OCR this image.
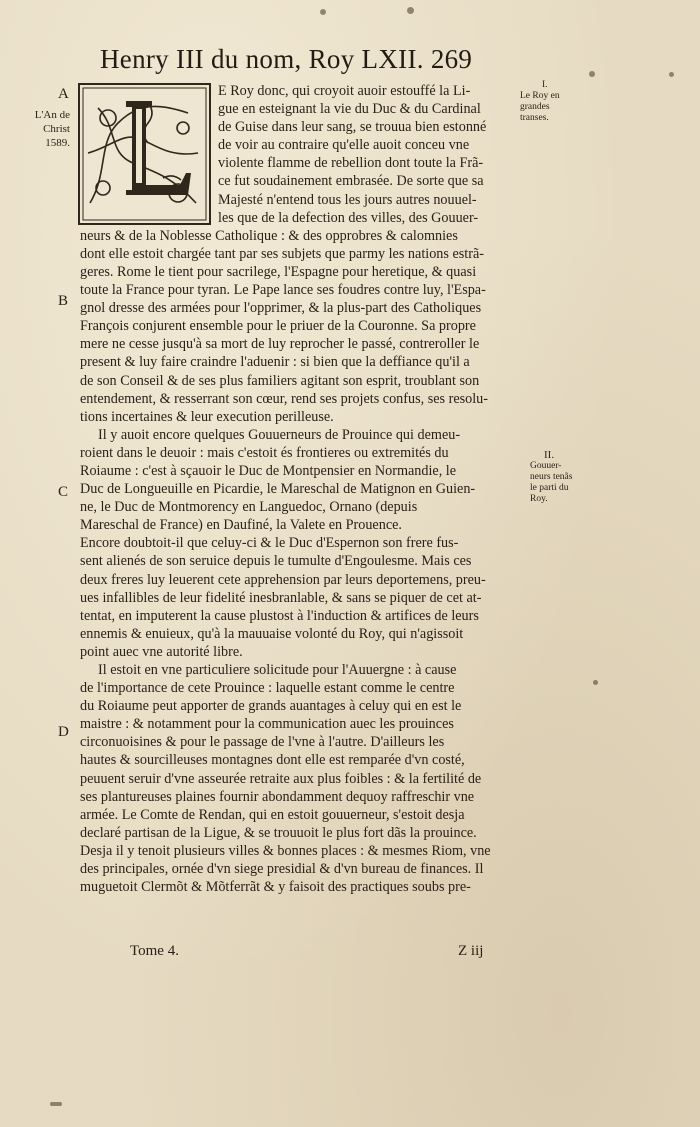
Henry III du nom, Roy LXII. 269
A
L'An de
Christ
1589.
B
C
D
I.
Le Roy en
grandes
transes.
II.
Gouuer-
neurs tenãs
le parti du
Roy.
E Roy donc, qui croyoit auoir estouffé la Li-
gue en esteignant la vie du Duc & du Cardinal
de Guise dans leur sang, se trouua bien estonné
de voir au contraire qu'elle auoit conceu vne
violente flamme de rebellion dont toute la Frã-
ce fut soudainement embrasée. De sorte que sa
Majesté n'entend tous les jours autres nouuel-
les que de la defection des villes, des Gouuer-
neurs & de la Noblesse Catholique : & des opprobres & calomnies
dont elle estoit chargée tant par ses subjets que parmy les nations estrã-
geres. Rome le tient pour sacrilege, l'Espagne pour heretique, & quasi
toute la France pour tyran. Le Pape lance ses foudres contre luy, l'Espa-
gnol dresse des armées pour l'opprimer, & la plus-part des Catholiques
François conjurent ensemble pour le priuer de la Couronne. Sa propre
mere ne cesse jusqu'à sa mort de luy reprocher le passé, contreroller le
present & luy faire craindre l'aduenir : si bien que la deffiance qu'il a
de son Conseil & de ses plus familiers agitant son esprit, troublant son
entendement, & resserrant son cœur, rend ses projets confus, ses resolu-
tions incertaines & leur execution perilleuse.
Il y auoit encore quelques Gouuerneurs de Prouince qui demeu-
roient dans le deuoir : mais c'estoit és frontieres ou extremités du
Roiaume : c'est à sçauoir le Duc de Montpensier en Normandie, le
Duc de Longueuille en Picardie, le Mareschal de Matignon en Guien-
ne, le Duc de Montmorency en Languedoc, Ornano (depuis
Mareschal de France) en Daufiné, la Valete en Prouence.
Encore doubtoit-il que celuy-ci & le Duc d'Espernon son frere fus-
sent alienés de son seruice depuis le tumulte d'Engoulesme. Mais ces
deux freres luy leuerent cete apprehension par leurs deportemens, preu-
ues infallibles de leur fidelité inesbranlable, & sans se piquer de cet at-
tentat, en imputerent la cause plustost à l'induction & artifices de leurs
ennemis & enuieux, qu'à la mauuaise volonté du Roy, qui n'agissoit
point auec vne autorité libre.
Il estoit en vne particuliere solicitude pour l'Auuergne : à cause
de l'importance de cete Prouince : laquelle estant comme le centre
du Roiaume peut apporter de grands auantages à celuy qui en est le
maistre : & notamment pour la communication auec les prouinces
circonuoisines & pour le passage de l'vne à l'autre. D'ailleurs les
hautes & sourcilleuses montagnes dont elle est remparée d'vn costé,
peuuent seruir d'vne asseurée retraite aux plus foibles : & la fertilité de
ses plantureuses plaines fournir abondamment dequoy raffreschir vne
armée. Le Comte de Rendan, qui en estoit gouuerneur, s'estoit desja
declaré partisan de la Ligue, & se trouuoit le plus fort dãs la prouince.
Desja il y tenoit plusieurs villes & bonnes places : & mesmes Riom, vne
des principales, ornée d'vn siege presidial & d'vn bureau de finances. Il
muguetoit Clermõt & Mõtferrãt & y faisoit des practiques soubs pre-
Tome 4.	Z iij
